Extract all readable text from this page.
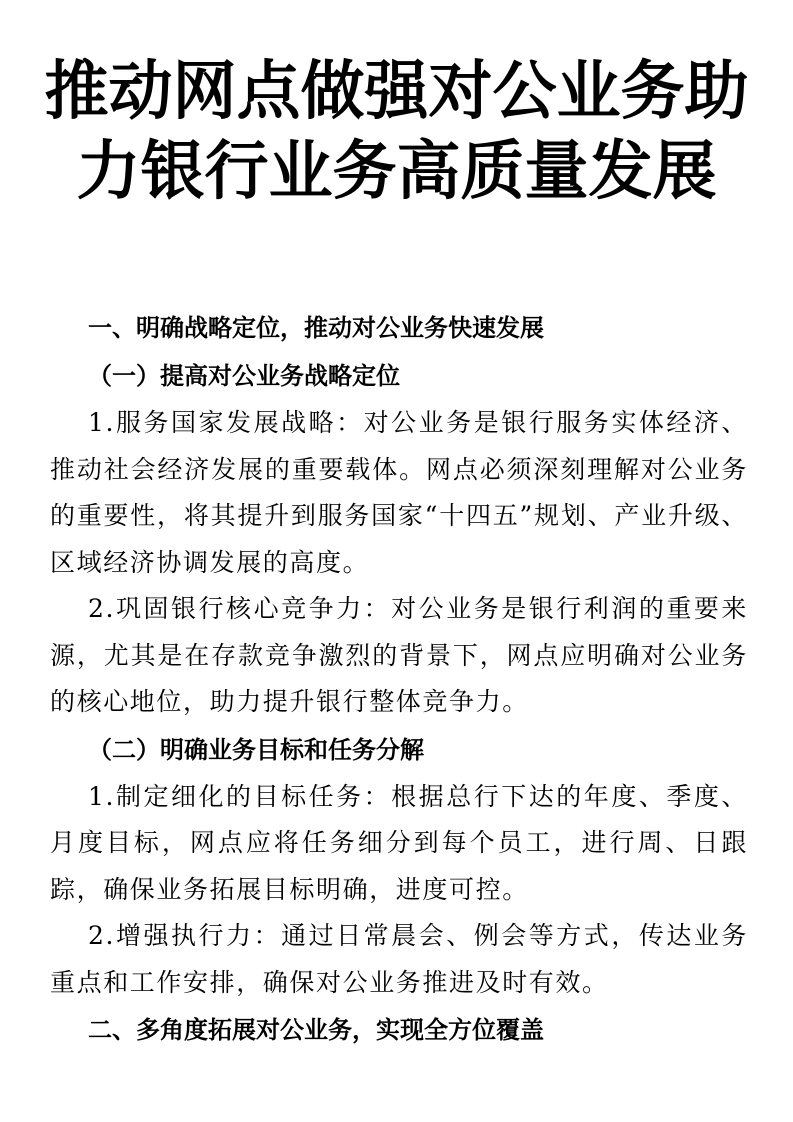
推动网点做强对公业务助力银行业务高质量发展
一、明确战略定位，推动对公业务快速发展
（一）提高对公业务战略定位

1.服务国家发展战略：对公业务是银行服务实体经济、推动社会经济发展的重要载体。网点必须深刻理解对公业务的重要性，将其提升到服务国家“十四五”规划、产业升级、区域经济协调发展的高度。

2.巩固银行核心竞争力：对公业务是银行利润的重要来源，尤其是在存款竞争激烈的背景下，网点应明确对公业务的核心地位，助力提升银行整体竞争力。

（二）明确业务目标和任务分解

1.制定细化的目标任务：根据总行下达的年度、季度、月度目标，网点应将任务细分到每个员工，进行周、日跟踪，确保业务拓展目标明确，进度可控。

2.增强执行力：通过日常晨会、例会等方式，传达业务重点和工作安排，确保对公业务推进及时有效。

二、多角度拓展对公业务，实现全方位覆盖
